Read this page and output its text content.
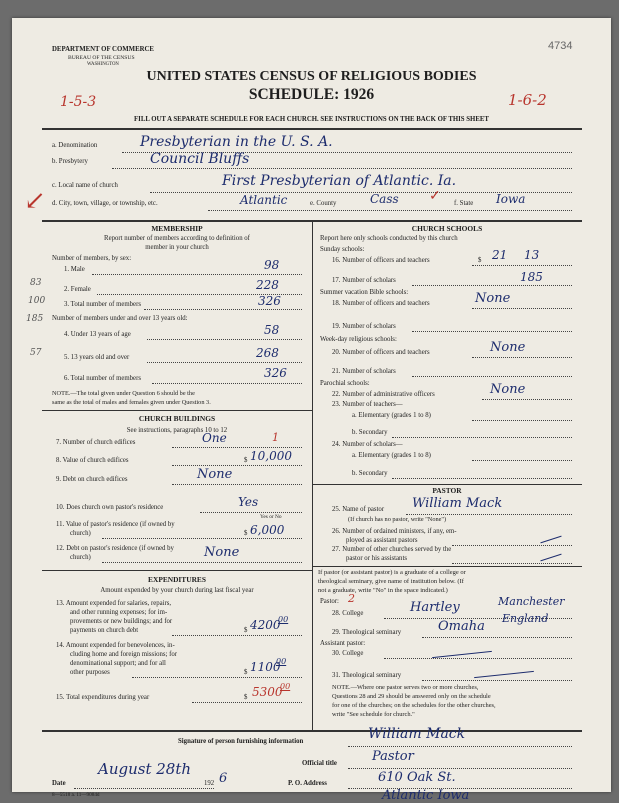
DEPARTMENT OF COMMERCE
BUREAU OF THE CENSUS
WASHINGTON
4734
UNITED STATES CENSUS OF RELIGIOUS BODIES
SCHEDULE: 1926
1-5-3	1-6-2
FILL OUT A SEPARATE SCHEDULE FOR EACH CHURCH. SEE INSTRUCTIONS ON THE BACK OF THIS SHEET
a. Denomination	Presbyterian in the U. S. A.
b. Presbytery	Council Bluffs
c. Local name of church	First Presbyterian of Atlantic. Ia.
d. City, town, village, or township, etc.	Atlantic	e. County	Cass	f. State Iowa
↙	✓
MEMBERSHIP
Report number of members according to definition of
member in your church
Number of members, by sex:
1. Male	98
2. Female	228
3. Total number of members	326
Number of members under and over 13 years old:
4. Under 13 years of age	58
5. 13 years old and over	268
6. Total number of members	326
NOTE.—The total given under Question 6 should be the
same as the total of males and females given under Question 3.
83
100
185
57
CHURCH BUILDINGS
See instructions, paragraphs 10 to 12
7. Number of church edifices	One	1
8. Value of church edifices	$ 10,000
9. Debt on church edifices	None
10. Does church own pastor's residence	Yes
Yes or No
11. Value of pastor's residence (if owned by
church)	$ 6,000
12. Debt on pastor's residence (if owned by
church)	None
EXPENDITURES
Amount expended by your church during last fiscal year
13. Amount expended for salaries, repairs,
and other running expenses; for im-
provements or new buildings; and for
payments on church debt	$ 4200
00
14. Amount expended for benevolences, in-
cluding home and foreign missions; for
denominational support; and for all
other purposes	$ 1100
00
15. Total expenditures during year	$ 5300
00
CHURCH SCHOOLS
Report here only schools conducted by this church
Sunday schools:
16. Number of officers and teachers	$ 21 13
17. Number of scholars	185
Summer vacation Bible schools:
18. Number of officers and teachers	None
19. Number of scholars
Week-day religious schools:
20. Number of officers and teachers	None
21. Number of scholars
Parochial schools:
22. Number of administrative officers	None
23. Number of teachers—
a. Elementary (grades 1 to 8)
b. Secondary
24. Number of scholars—
a. Elementary (grades 1 to 8)
b. Secondary
PASTOR
25. Name of pastor William Mack
(If church has no pastor, write "None")
26. Number of ordained ministers, if any, em-
ployed as assistant pastors
27. Number of other churches served by the
pastor or his assistants
If pastor (or assistant pastor) is a graduate of a college or
theological seminary, give name of institution below. (If
not a graduate, write "No" in the space indicated.)
Pastor: 2
28. College	Hartley	Manchester
England
29. Theological seminary	Omaha
Assistant pastor:
30. College
31. Theological seminary
NOTE.—Where one pastor serves two or more churches,
Questions 28 and 29 should be answered only on the schedule
for one of the churches; on the schedules for the other churches,
write "See schedule for church."
Signature of person furnishing information	William Mack
Official title	Pastor
Date
August 28th
192 6	P. O. Address	610 Oak St.
Atlantic Iowa
8—5518 a. 11—9084d
